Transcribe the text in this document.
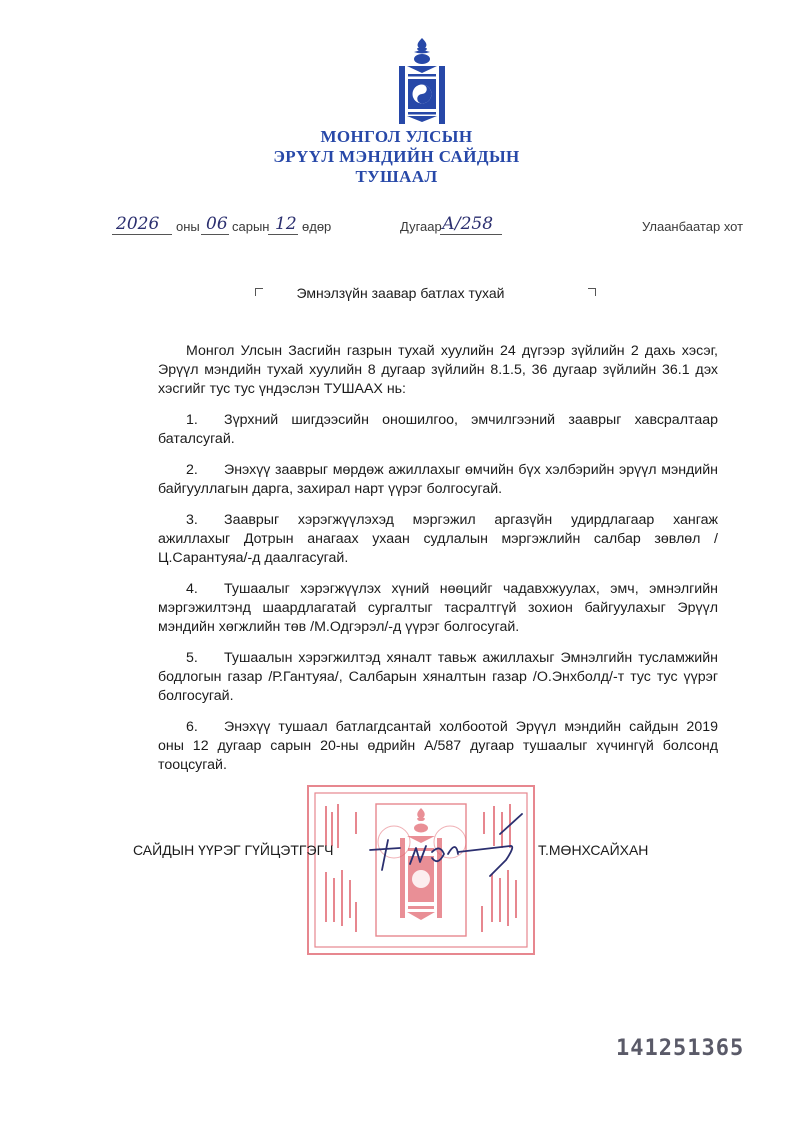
МОНГОЛ УЛСЫН
ЭРҮҮЛ МЭНДИЙН САЙДЫН
ТУШААЛ
2026 оны 06 сарын 12 өдөр	Дугаар А/258	Улаанбаатар хот
Эмнэлзүйн заавар батлах тухай

Монгол Улсын Засгийн газрын тухай хуулийн 24 дүгээр зүйлийн 2 дахь хэсэг, Эрүүл мэндийн тухай хуулийн 8 дугаар зүйлийн 8.1.5, 36 дугаар зүйлийн 36.1 дэх хэсгийг тус тус үндэслэн ТУШААХ нь:

1. Зүрхний шигдээсийн оношилгоо, эмчилгээний зааврыг хавсралтаар баталсугай.

2. Энэхүү зааврыг мөрдөж ажиллахыг өмчийн бүх хэлбэрийн эрүүл мэндийн байгууллагын дарга, захирал нарт үүрэг болгосугай.

3. Зааврыг хэрэгжүүлэхэд мэргэжил аргазүйн удирдлагаар хангаж ажиллахыг Дотрын анагаах ухаан судлалын мэргэжлийн салбар зөвлөл /Ц.Сарантуяа/-д даалгасугай.

4. Тушаалыг хэрэгжүүлэх хүний нөөцийг чадавхжуулах, эмч, эмнэлгийн мэргэжилтэнд шаардлагатай сургалтыг тасралтгүй зохион байгуулахыг Эрүүл мэндийн хөгжлийн төв /М.Одгэрэл/-д үүрэг болгосугай.

5. Тушаалын хэрэгжилтэд хяналт тавьж ажиллахыг Эмнэлгийн тусламжийн бодлогын газар /Р.Гантуяа/, Салбарын хяналтын газар /О.Энхболд/-т тус тус үүрэг болгосугай.

6. Энэхүү тушаал батлагдсантай холбоотой Эрүүл мэндийн сайдын 2019 оны 12 дугаар сарын 20-ны өдрийн А/587 дугаар тушаалыг хүчингүй болсонд тооцсугай.

САЙДЫН ҮҮРЭГ ГҮЙЦЭТГЭГЧ	Т.МӨНХСАЙХАН
141251365
